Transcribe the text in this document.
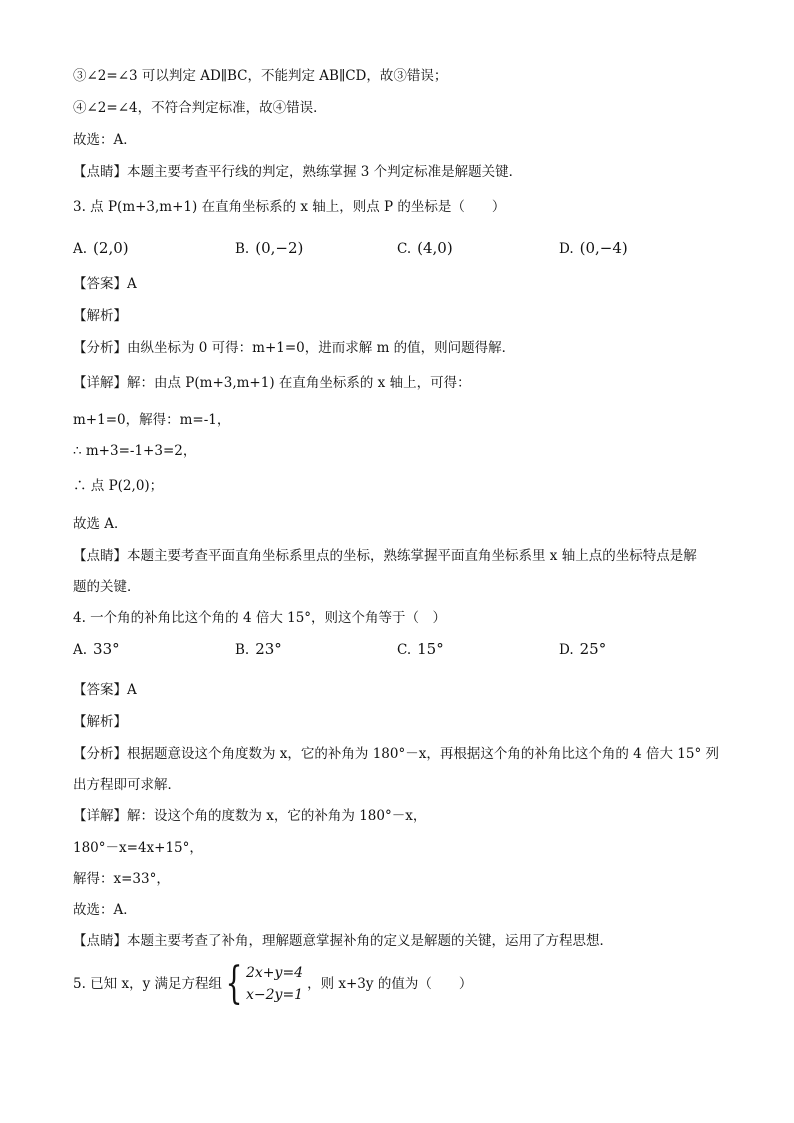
③∠2=∠3 可以判定 AD∥BC，不能判定 AB∥CD，故③错误；
④∠2=∠4，不符合判定标准，故④错误．
故选：A．
【点睛】本题主要考查平行线的判定，熟练掌握 3 个判定标准是解题关键．
3. 点 P(m+3,m+1) 在直角坐标系的 x 轴上，则点 P 的坐标是（　　）
A. (2,0)	B. (0,−2)	C. (4,0)	D. (0,−4)
【答案】A
【解析】
【分析】由纵坐标为 0 可得：m+1=0，进而求解 m 的值，则问题得解．
【详解】解：由点 P(m+3,m+1) 在直角坐标系的 x 轴上，可得：
m+1=0，解得：m=-1，
∴ m+3=-1+3=2，
∴ 点 P(2,0)；
故选 A．
【点睛】本题主要考查平面直角坐标系里点的坐标，熟练掌握平面直角坐标系里 x 轴上点的坐标特点是解
题的关键．
4. 一个角的补角比这个角的 4 倍大 15°，则这个角等于（　）
A. 33°	B. 23°	C. 15°	D. 25°
【答案】A
【解析】
【分析】根据题意设这个角度数为 x，它的补角为 180°－x，再根据这个角的补角比这个角的 4 倍大 15° 列
出方程即可求解．
【详解】解：设这个角的度数为 x，它的补角为 180°－x，
180°－x=4x+15°，
解得：x=33°，
故选：A．
【点睛】本题主要考查了补角，理解题意掌握补角的定义是解题的关键，运用了方程思想．
5. 已知 x，y 满足方程组 { 2x+y=4
x−2y=1
，则 x+3y 的值为（　　）
